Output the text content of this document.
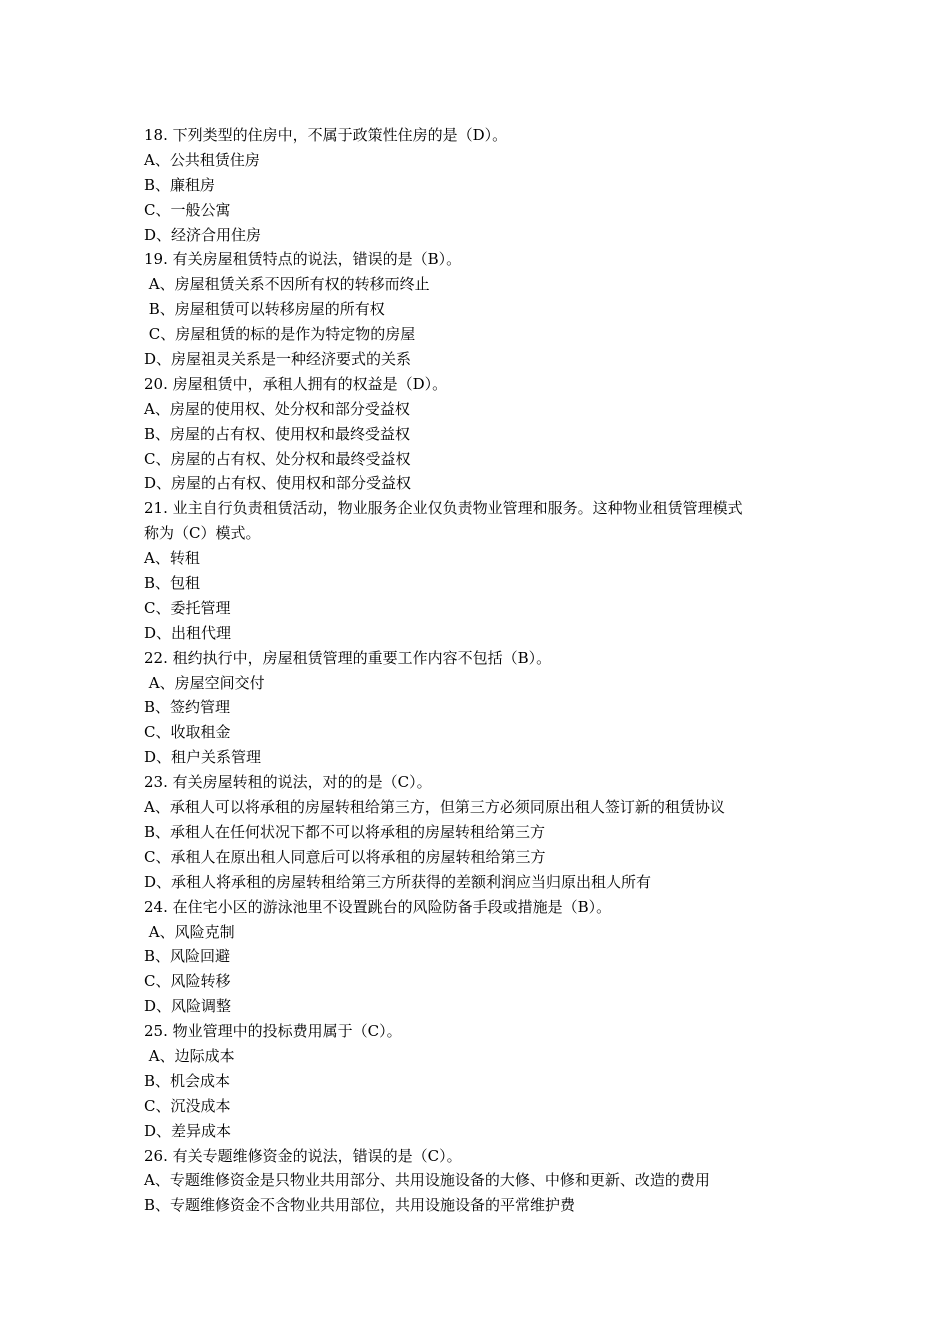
18. 下列类型的住房中，不属于政策性住房的是（D）。
A、公共租赁住房
B、廉租房
C、一般公寓
D、经济合用住房
19. 有关房屋租赁特点的说法，错误的是（B）。
A、房屋租赁关系不因所有权的转移而终止
B、房屋租赁可以转移房屋的所有权
C、房屋租赁的标的是作为特定物的房屋
D、房屋祖灵关系是一种经济要式的关系
20. 房屋租赁中，承租人拥有的权益是（D）。
A、房屋的使用权、处分权和部分受益权
B、房屋的占有权、使用权和最终受益权
C、房屋的占有权、处分权和最终受益权
D、房屋的占有权、使用权和部分受益权
21. 业主自行负责租赁活动，物业服务企业仅负责物业管理和服务。这种物业租赁管理模式
称为（C）模式。
A、转租
B、包租
C、委托管理
D、出租代理
22. 租约执行中，房屋租赁管理的重要工作内容不包括（B）。
A、房屋空间交付
B、签约管理
C、收取租金
D、租户关系管理
23. 有关房屋转租的说法，对的的是（C）。
A、承租人可以将承租的房屋转租给第三方，但第三方必须同原出租人签订新的租赁协议
B、承租人在任何状况下都不可以将承租的房屋转租给第三方
C、承租人在原出租人同意后可以将承租的房屋转租给第三方
D、承租人将承租的房屋转租给第三方所获得的差额利润应当归原出租人所有
24. 在住宅小区的游泳池里不设置跳台的风险防备手段或措施是（B）。
A、风险克制
B、风险回避
C、风险转移
D、风险调整
25. 物业管理中的投标费用属于（C）。
A、边际成本
B、机会成本
C、沉没成本
D、差异成本
26. 有关专题维修资金的说法，错误的是（C）。
A、专题维修资金是只物业共用部分、共用设施设备的大修、中修和更新、改造的费用
B、专题维修资金不含物业共用部位，共用设施设备的平常维护费
